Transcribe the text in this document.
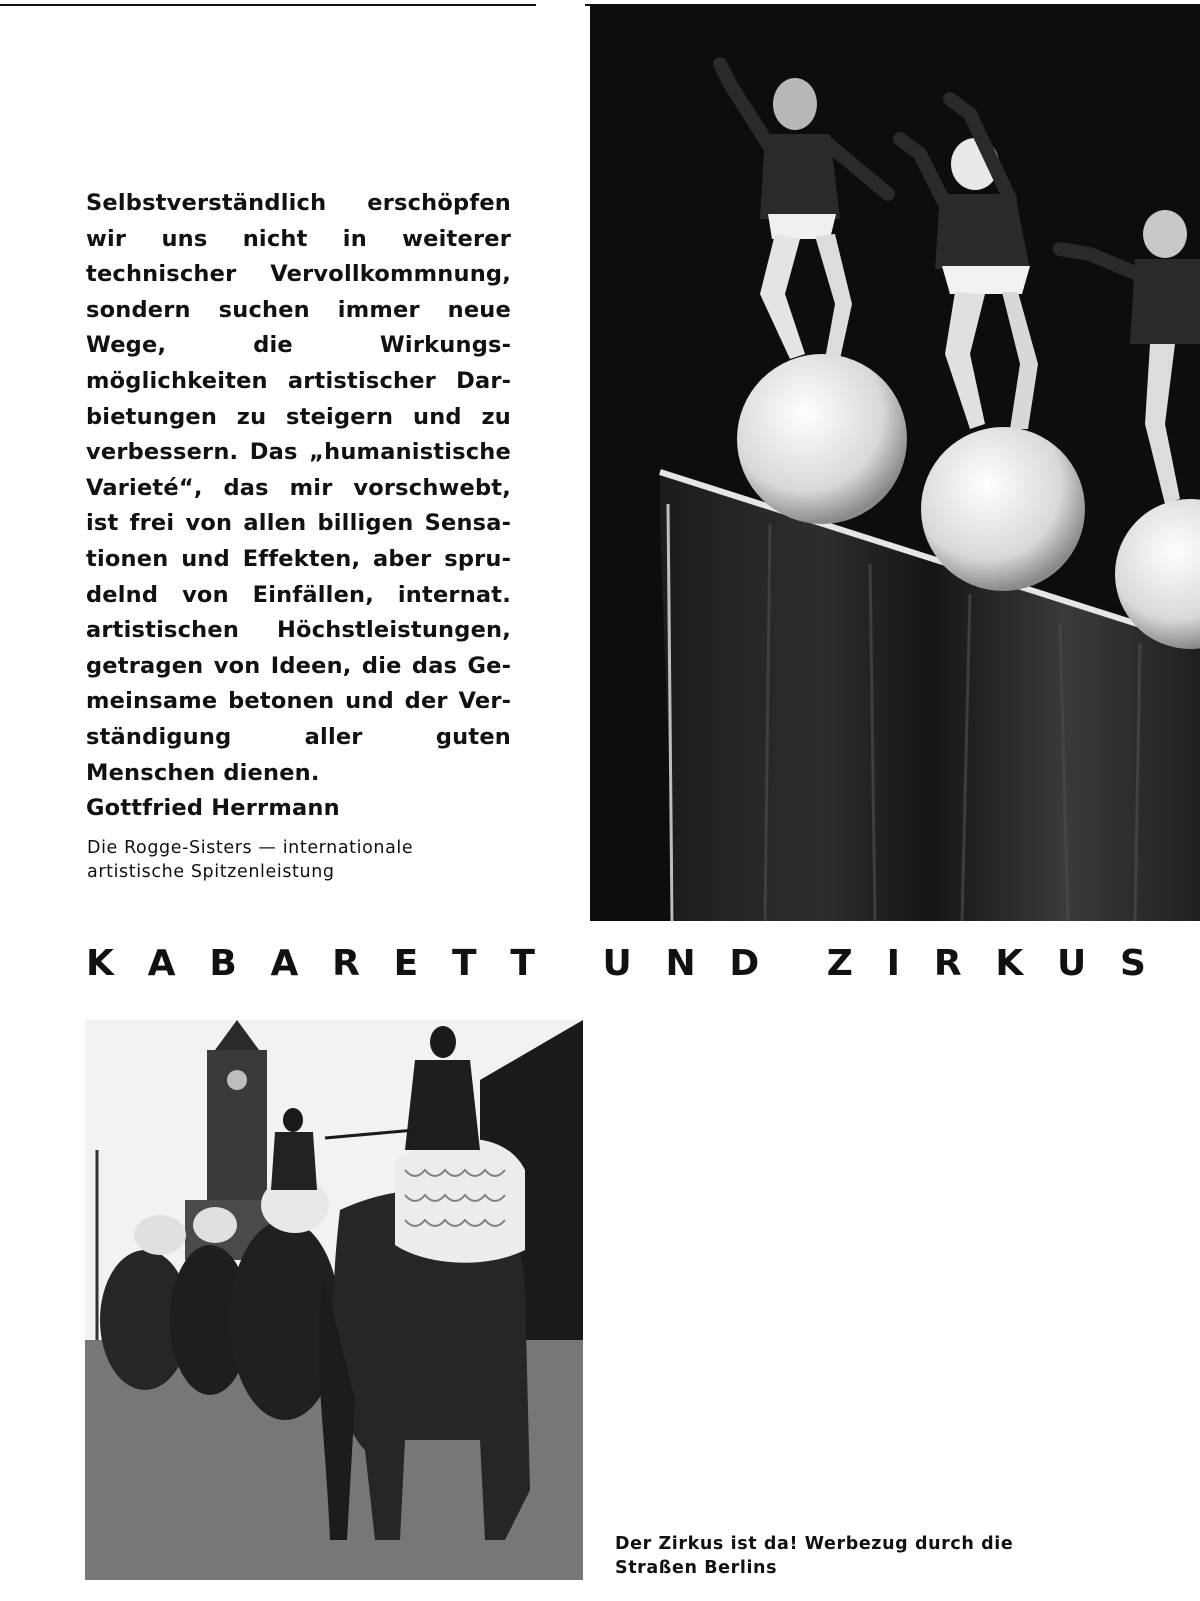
Selbstverständlich erschöpfen wir uns nicht in weiterer technischer Vervollkommnung, sondern suchen immer neue Wege, die Wirkungsmöglichkeiten artistischer Darbietungen zu steigern und zu verbessern. Das „humanistische Varieté“, das mir vorschwebt, ist frei von allen billigen Sensationen und Effekten, aber sprudelnd von Einfällen, internat. artistischen Höchstleistungen, getragen von Ideen, die das Gemeinsame betonen und der Verständigung aller guten Menschen dienen.

Gottfried Herrmann

Die Rogge-Sisters — internationale
artistische Spitzenleistung
K A B A R E T T U N D Z I R K U S
Der Zirkus ist da! Werbezug durch die
Straßen Berlins
